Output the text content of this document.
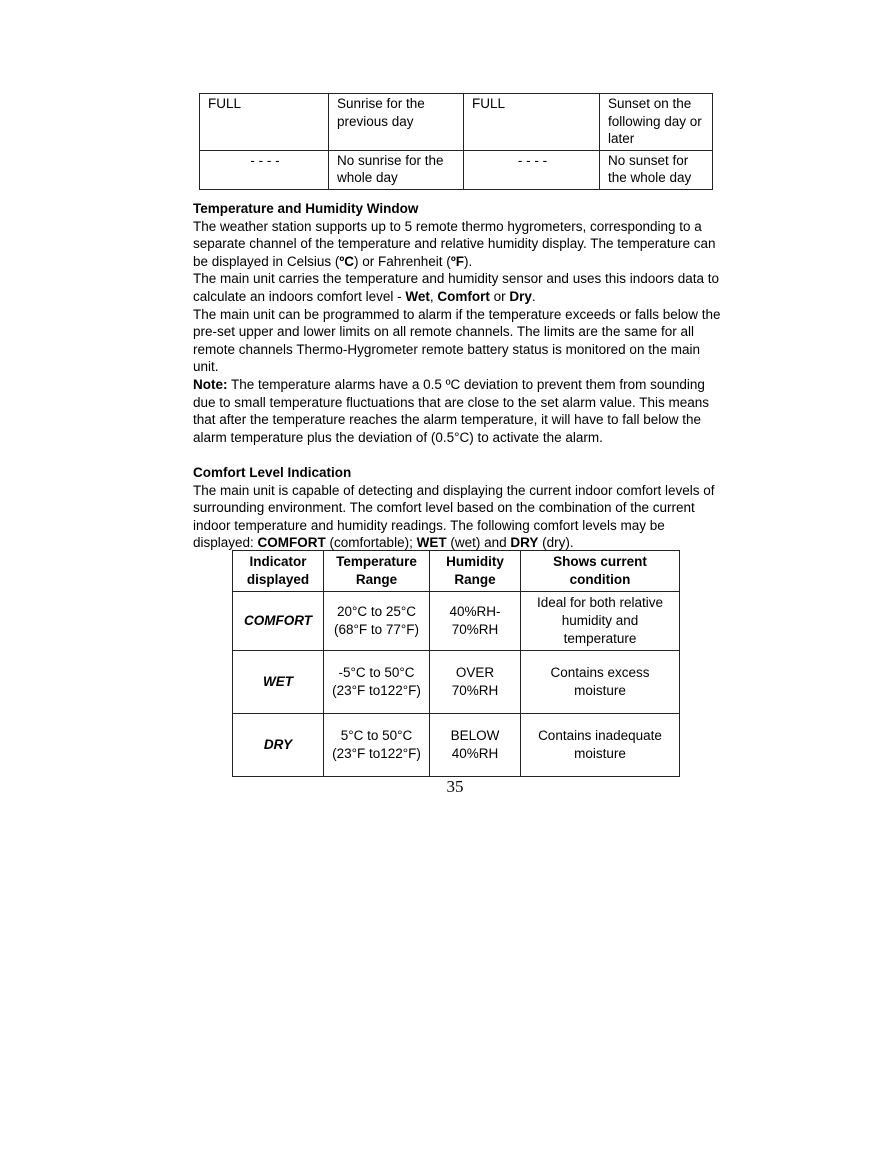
FULL	Sunrise for the previous day	FULL	Sunset on the following day or later
- - - -	No sunrise for the whole day	- - - -	No sunset for the whole day

Temperature and Humidity Window

The weather station supports up to 5 remote thermo hygrometers, corresponding to a separate channel of the temperature and relative humidity display. The temperature can be displayed in Celsius (ºC) or Fahrenheit (ºF).

The main unit carries the temperature and humidity sensor and uses this indoors data to calculate an indoors comfort level - Wet, Comfort or Dry.

The main unit can be programmed to alarm if the temperature exceeds or falls below the pre-set upper and lower limits on all remote channels. The limits are the same for all remote channels Thermo-Hygrometer remote battery status is monitored on the main unit.

Note: The temperature alarms have a 0.5 ºC deviation to prevent them from sounding due to small temperature fluctuations that are close to the set alarm value. This means that after the temperature reaches the alarm temperature, it will have to fall below the alarm temperature plus the deviation of (0.5°C) to activate the alarm.

Comfort Level Indication

The main unit is capable of detecting and displaying the current indoor comfort levels of surrounding environment. The comfort level based on the combination of the current indoor temperature and humidity readings. The following comfort levels may be displayed: COMFORT (comfortable); WET (wet) and DRY (dry).

Indicator displayed	Temperature Range	Humidity Range	Shows current condition
COMFORT	20°C to 25°C (68°F to 77°F)	40%RH- 70%RH	Ideal for both relative humidity and temperature
WET	-5°C to 50°C (23°F to122°F)	OVER 70%RH	Contains excess moisture
DRY	5°C to 50°C (23°F to122°F)	BELOW 40%RH	Contains inadequate moisture
35
